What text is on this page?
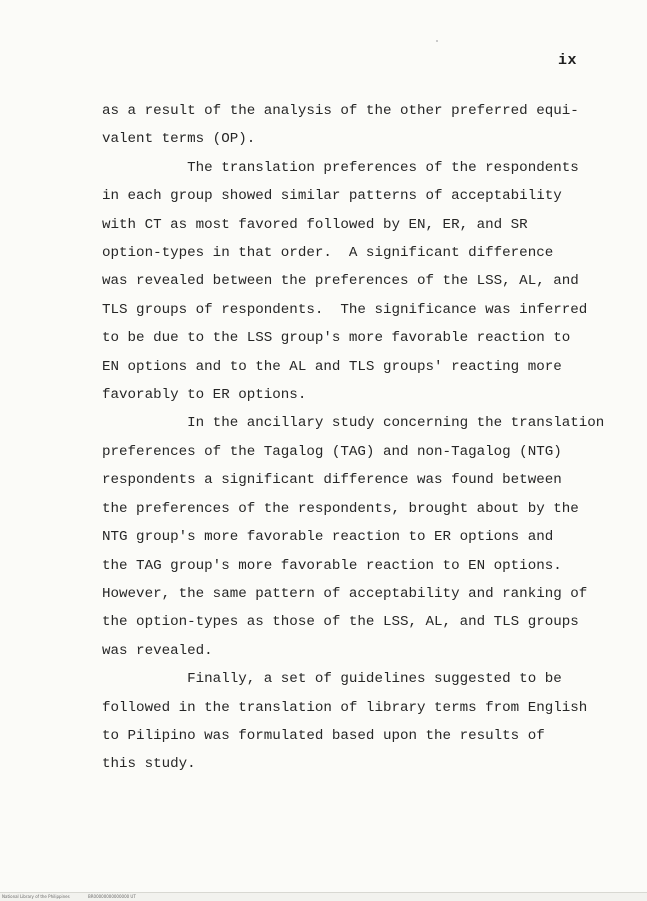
ix

as a result of the analysis of the other preferred equi-
valent terms (OP).

The translation preferences of the respondents
in each group showed similar patterns of acceptability
with CT as most favored followed by EN, ER, and SR
option-types in that order.  A significant difference
was revealed between the preferences of the LSS, AL, and
TLS groups of respondents.  The significance was inferred
to be due to the LSS group's more favorable reaction to
EN options and to the AL and TLS groups' reacting more
favorably to ER options.

In the ancillary study concerning the translation
preferences of the Tagalog (TAG) and non-Tagalog (NTG)
respondents a significant difference was found between
the preferences of the respondents, brought about by the
NTG group's more favorable reaction to ER options and
the TAG group's more favorable reaction to EN options.
However, the same pattern of acceptability and ranking of
the option-types as those of the LSS, AL, and TLS groups
was revealed.

Finally, a set of guidelines suggested to be
followed in the translation of library terms from English
to Pilipino was formulated based upon the results of
this study.

National Library of the Philippines	BR00000000000000 UT
